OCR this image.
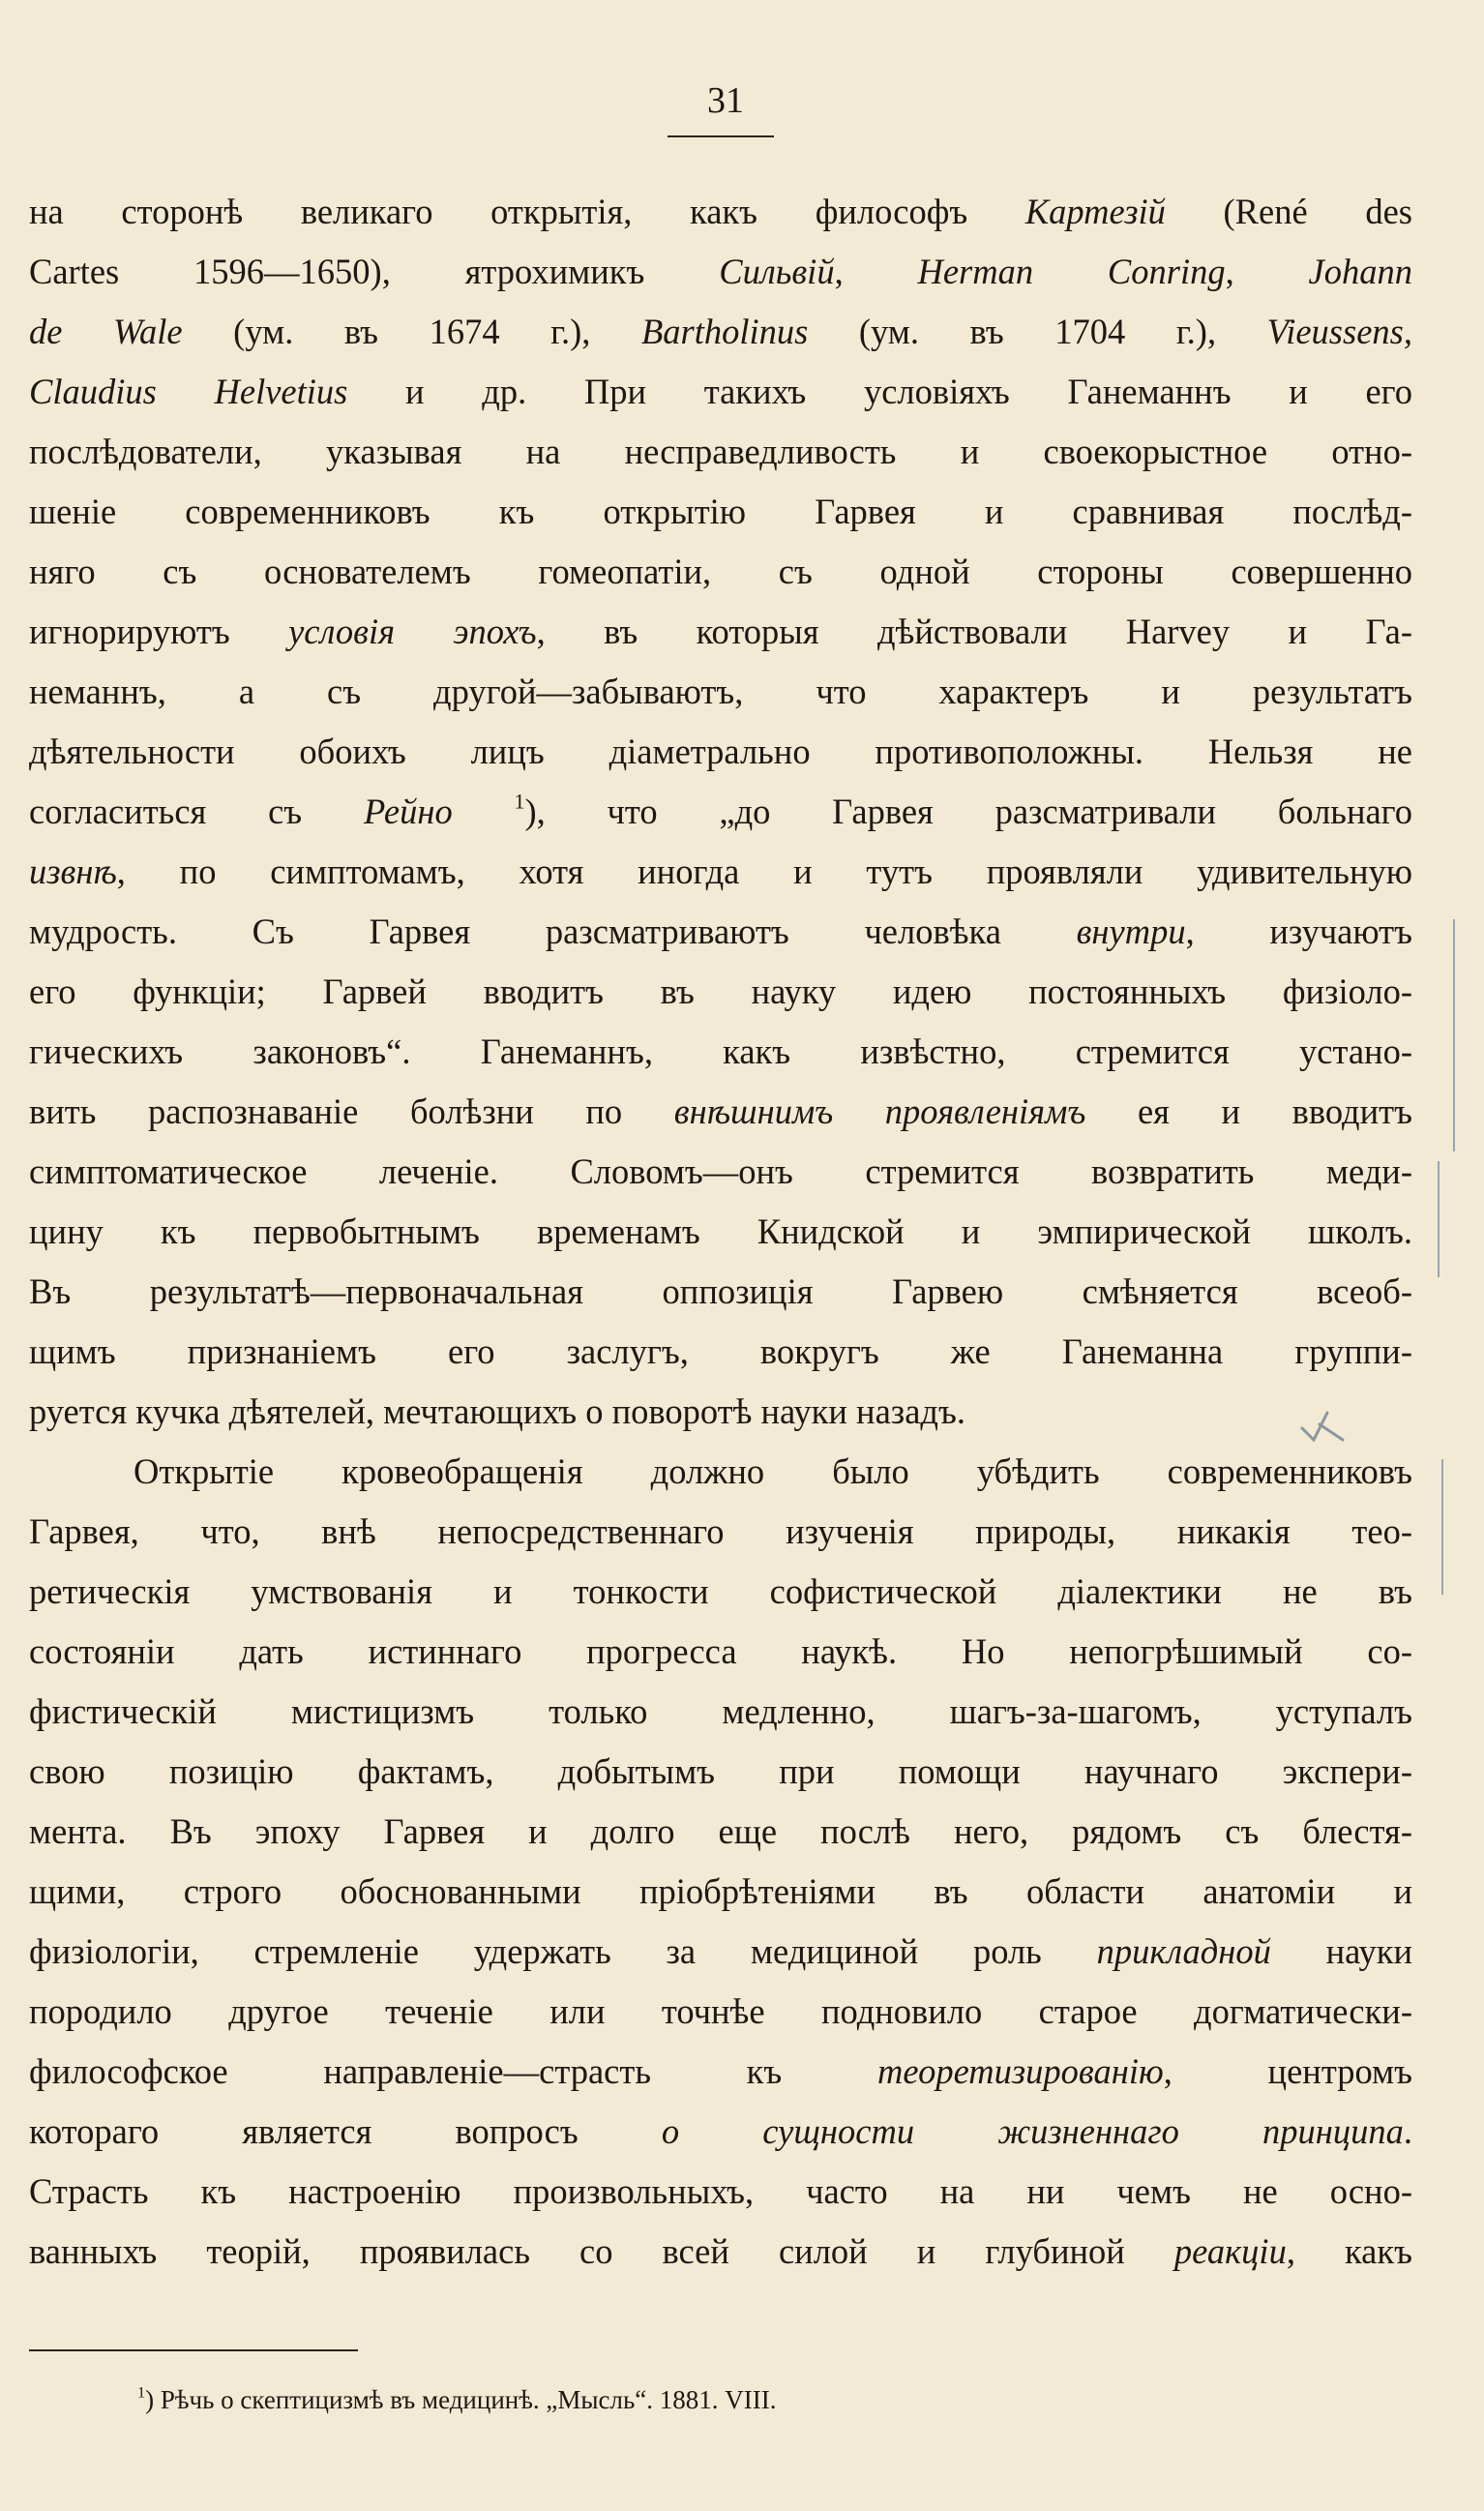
31
на сторонѣ великаго открытія, какъ философъ Картезій (René des
Cartes 1596—1650), ятрохимикъ Сильвій, Herman Conring, Johann
de Wale (ум. въ 1674 г.), Bartholinus (ум. въ 1704 г.), Vieussens,
Claudius Helvetius и др. При такихъ условіяхъ Ганеманнъ и его
послѣдователи, указывая на несправедливость и своекорыстное отно-
шеніе современниковъ къ открытію Гарвея и сравнивая послѣд-
няго съ основателемъ гомеопатіи, съ одной стороны совершенно
игнорируютъ условія эпохъ, въ которыя дѣйствовали Harvey и Га-
неманнъ, а съ другой—забываютъ, что характеръ и результатъ
дѣятельности обоихъ лицъ діаметрально противоположны. Нельзя не
согласиться съ Рейно	$^1$), что „до Гарвея разсматривали больнаго
извнѣ, по симптомамъ, хотя иногда и тутъ проявляли удивительную
мудрость. Съ Гарвея разсматриваютъ человѣка внутри, изучаютъ
его функціи; Гарвей вводитъ въ науку идею постоянныхъ физіоло-
гическихъ законовъ“. Ганеманнъ, какъ извѣстно, стремится устано-
вить распознаваніе болѣзни по внѣшнимъ проявленіямъ ея и вводитъ
симптоматическое леченіе. Словомъ—онъ стремится возвратить меди-
цину къ первобытнымъ временамъ Книдской и эмпирической школъ.
Въ результатѣ—первоначальная оппозиція Гарвею смѣняется всеоб-
щимъ признаніемъ его заслугъ, вокругъ же Ганеманна группи-
руется кучка дѣятелей, мечтающихъ о поворотѣ науки назадъ.
Открытіе кровеобращенія должно было убѣдить современниковъ
Гарвея, что, внѣ непосредственнаго изученія природы, никакія тео-
ретическія умствованія и тонкости софистической діалектики не въ
состояніи дать истиннаго прогресса наукѣ. Но непогрѣшимый со-
фистическій мистицизмъ только медленно, шагъ-за-шагомъ, уступалъ
свою позицію фактамъ, добытымъ при помощи научнаго экспери-
мента. Въ эпоху Гарвея и долго еще послѣ него, рядомъ съ блестя-
щими, строго обоснованными пріобрѣтеніями въ области анатоміи и
физіологіи, стремленіе удержать за медициной роль прикладной науки
породило другое теченіе или точнѣе подновило старое догматически-
философское направленіе—страсть къ теоретизированію, центромъ
котораго является вопросъ о сущности жизненнаго принципа.
Страсть къ настроенію произвольныхъ, часто на ни чемъ не осно-
ванныхъ теорій, проявилась со всей силой и глубиной реакціи, какъ
$^1$) Рѣчь о скептицизмѣ въ медицинѣ. „Мысль“. 1881. VIII.
